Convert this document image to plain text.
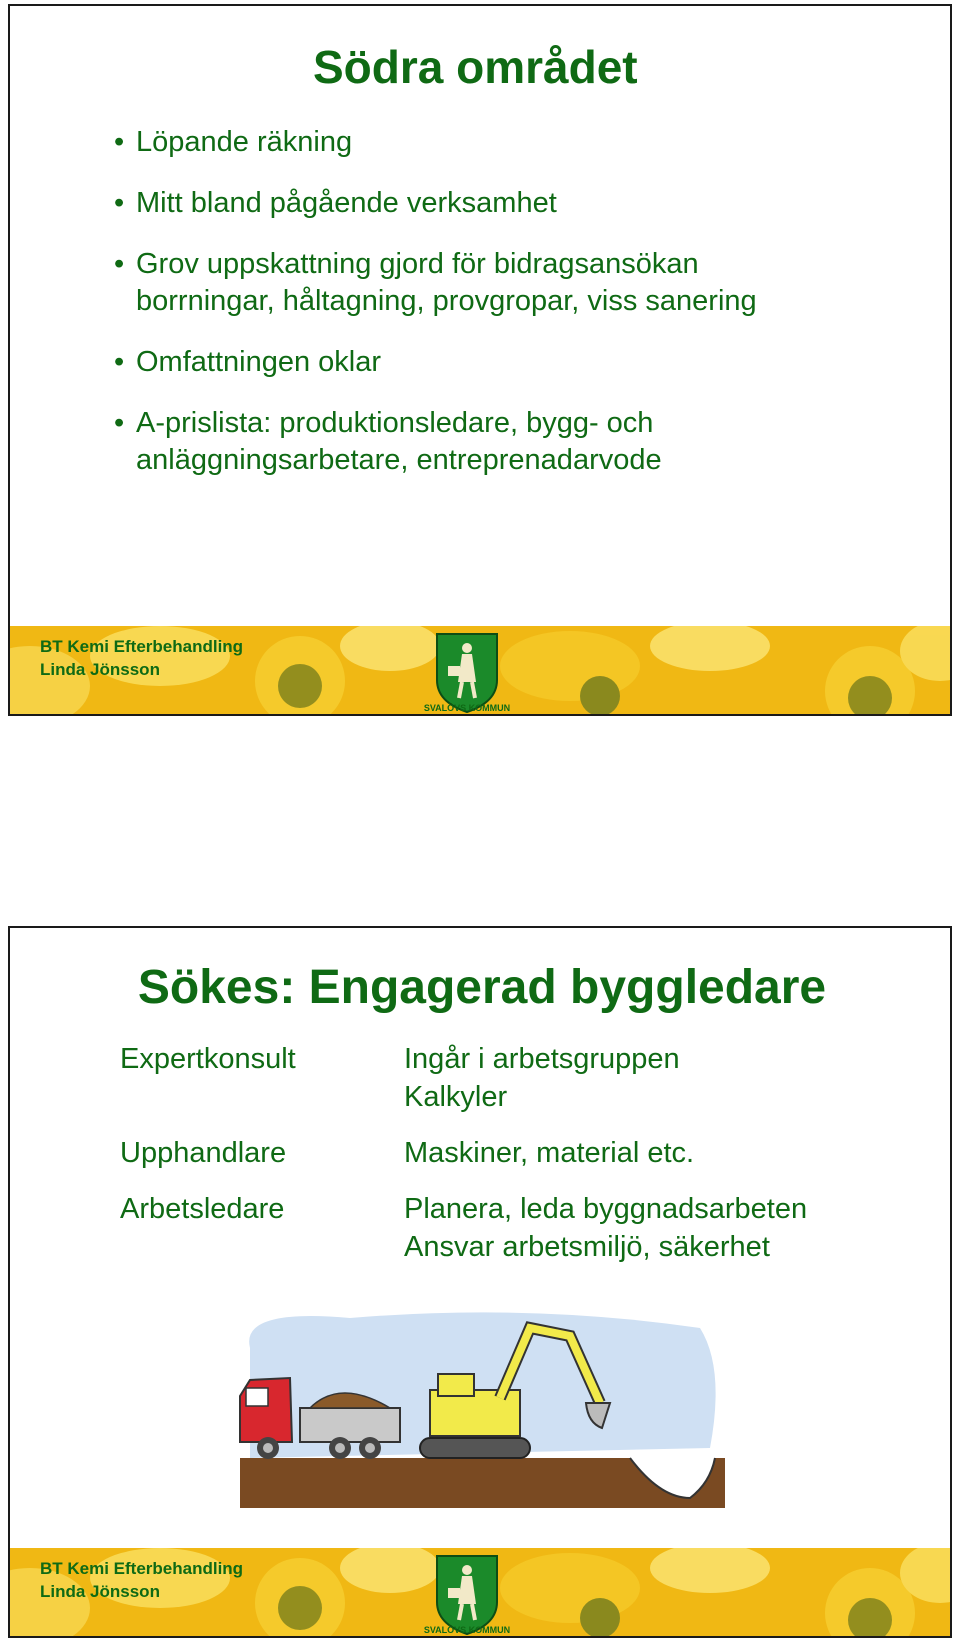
Södra området
• Löpande räkning
• Mitt bland pågående verksamhet
• Grov uppskattning gjord för bidragsansökan
borrningar, håltagning, provgropar, viss sanering
• Omfattningen oklar
• A-prislista: produktionsledare, bygg- och
anläggningsarbetare, entreprenadarvode
BT Kemi Efterbehandling
Linda Jönsson
SVALÖVS KOMMUN
Sökes: Engagerad byggledare
Expertkonsult
Upphandlare
Arbetsledare
Ingår i arbetsgruppen
Kalkyler
Maskiner, material etc.
Planera, leda byggnadsarbeten
Ansvar arbetsmiljö, säkerhet
BT Kemi Efterbehandling
Linda Jönsson
SVALÖVS KOMMUN
